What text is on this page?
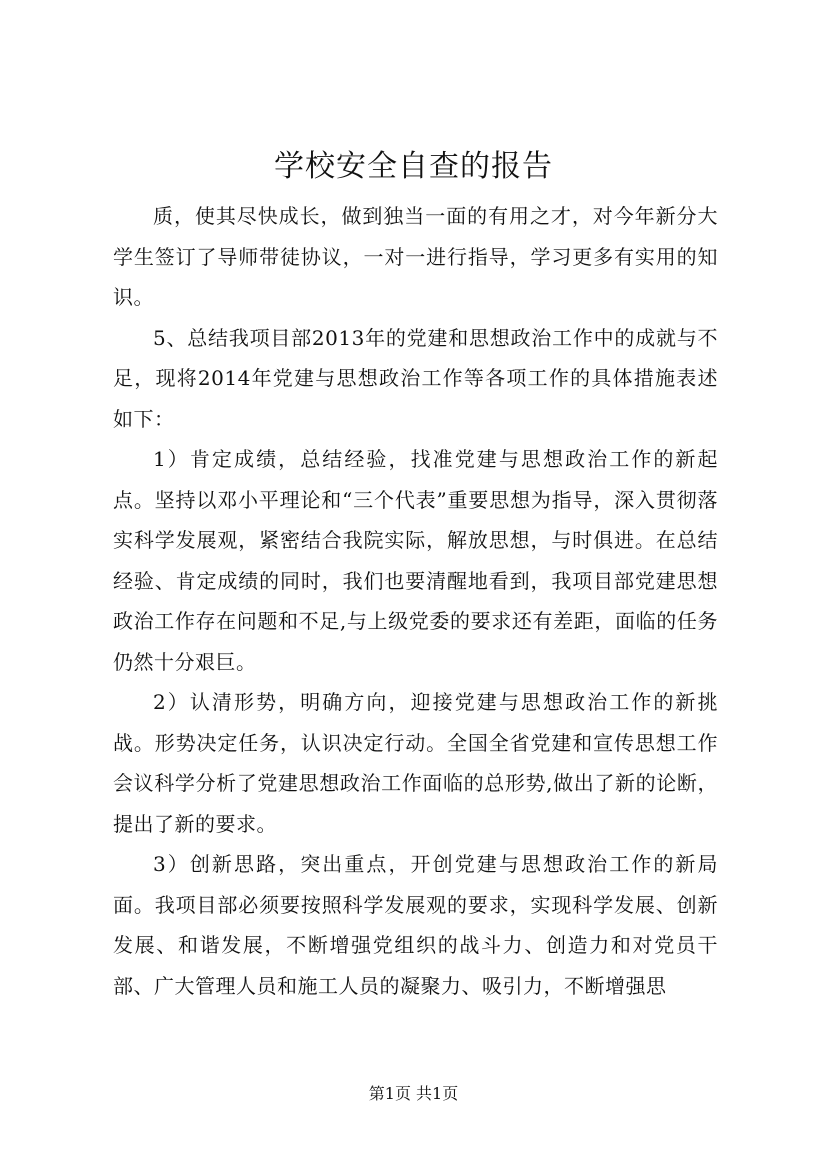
学校安全自查的报告

质，使其尽快成长，做到独当一面的有用之才，对今年新分大学生签订了导师带徒协议，一对一进行指导，学习更多有实用的知识。

5、总结我项目部2013年的党建和思想政治工作中的成就与不足，现将2014年党建与思想政治工作等各项工作的具体措施表述如下：

1）肯定成绩，总结经验，找准党建与思想政治工作的新起点。坚持以邓小平理论和“三个代表”重要思想为指导，深入贯彻落实科学发展观，紧密结合我院实际，解放思想，与时俱进。在总结经验、肯定成绩的同时，我们也要清醒地看到，我项目部党建思想政治工作存在问题和不足,与上级党委的要求还有差距，面临的任务仍然十分艰巨。

2）认清形势，明确方向，迎接党建与思想政治工作的新挑战。形势决定任务，认识决定行动。全国全省党建和宣传思想工作会议科学分析了党建思想政治工作面临的总形势,做出了新的论断，提出了新的要求。

3）创新思路，突出重点，开创党建与思想政治工作的新局面。我项目部必须要按照科学发展观的要求，实现科学发展、创新发展、和谐发展，不断增强党组织的战斗力、创造力和对党员干部、广大管理人员和施工人员的凝聚力、吸引力，不断增强思

第1页 共1页
